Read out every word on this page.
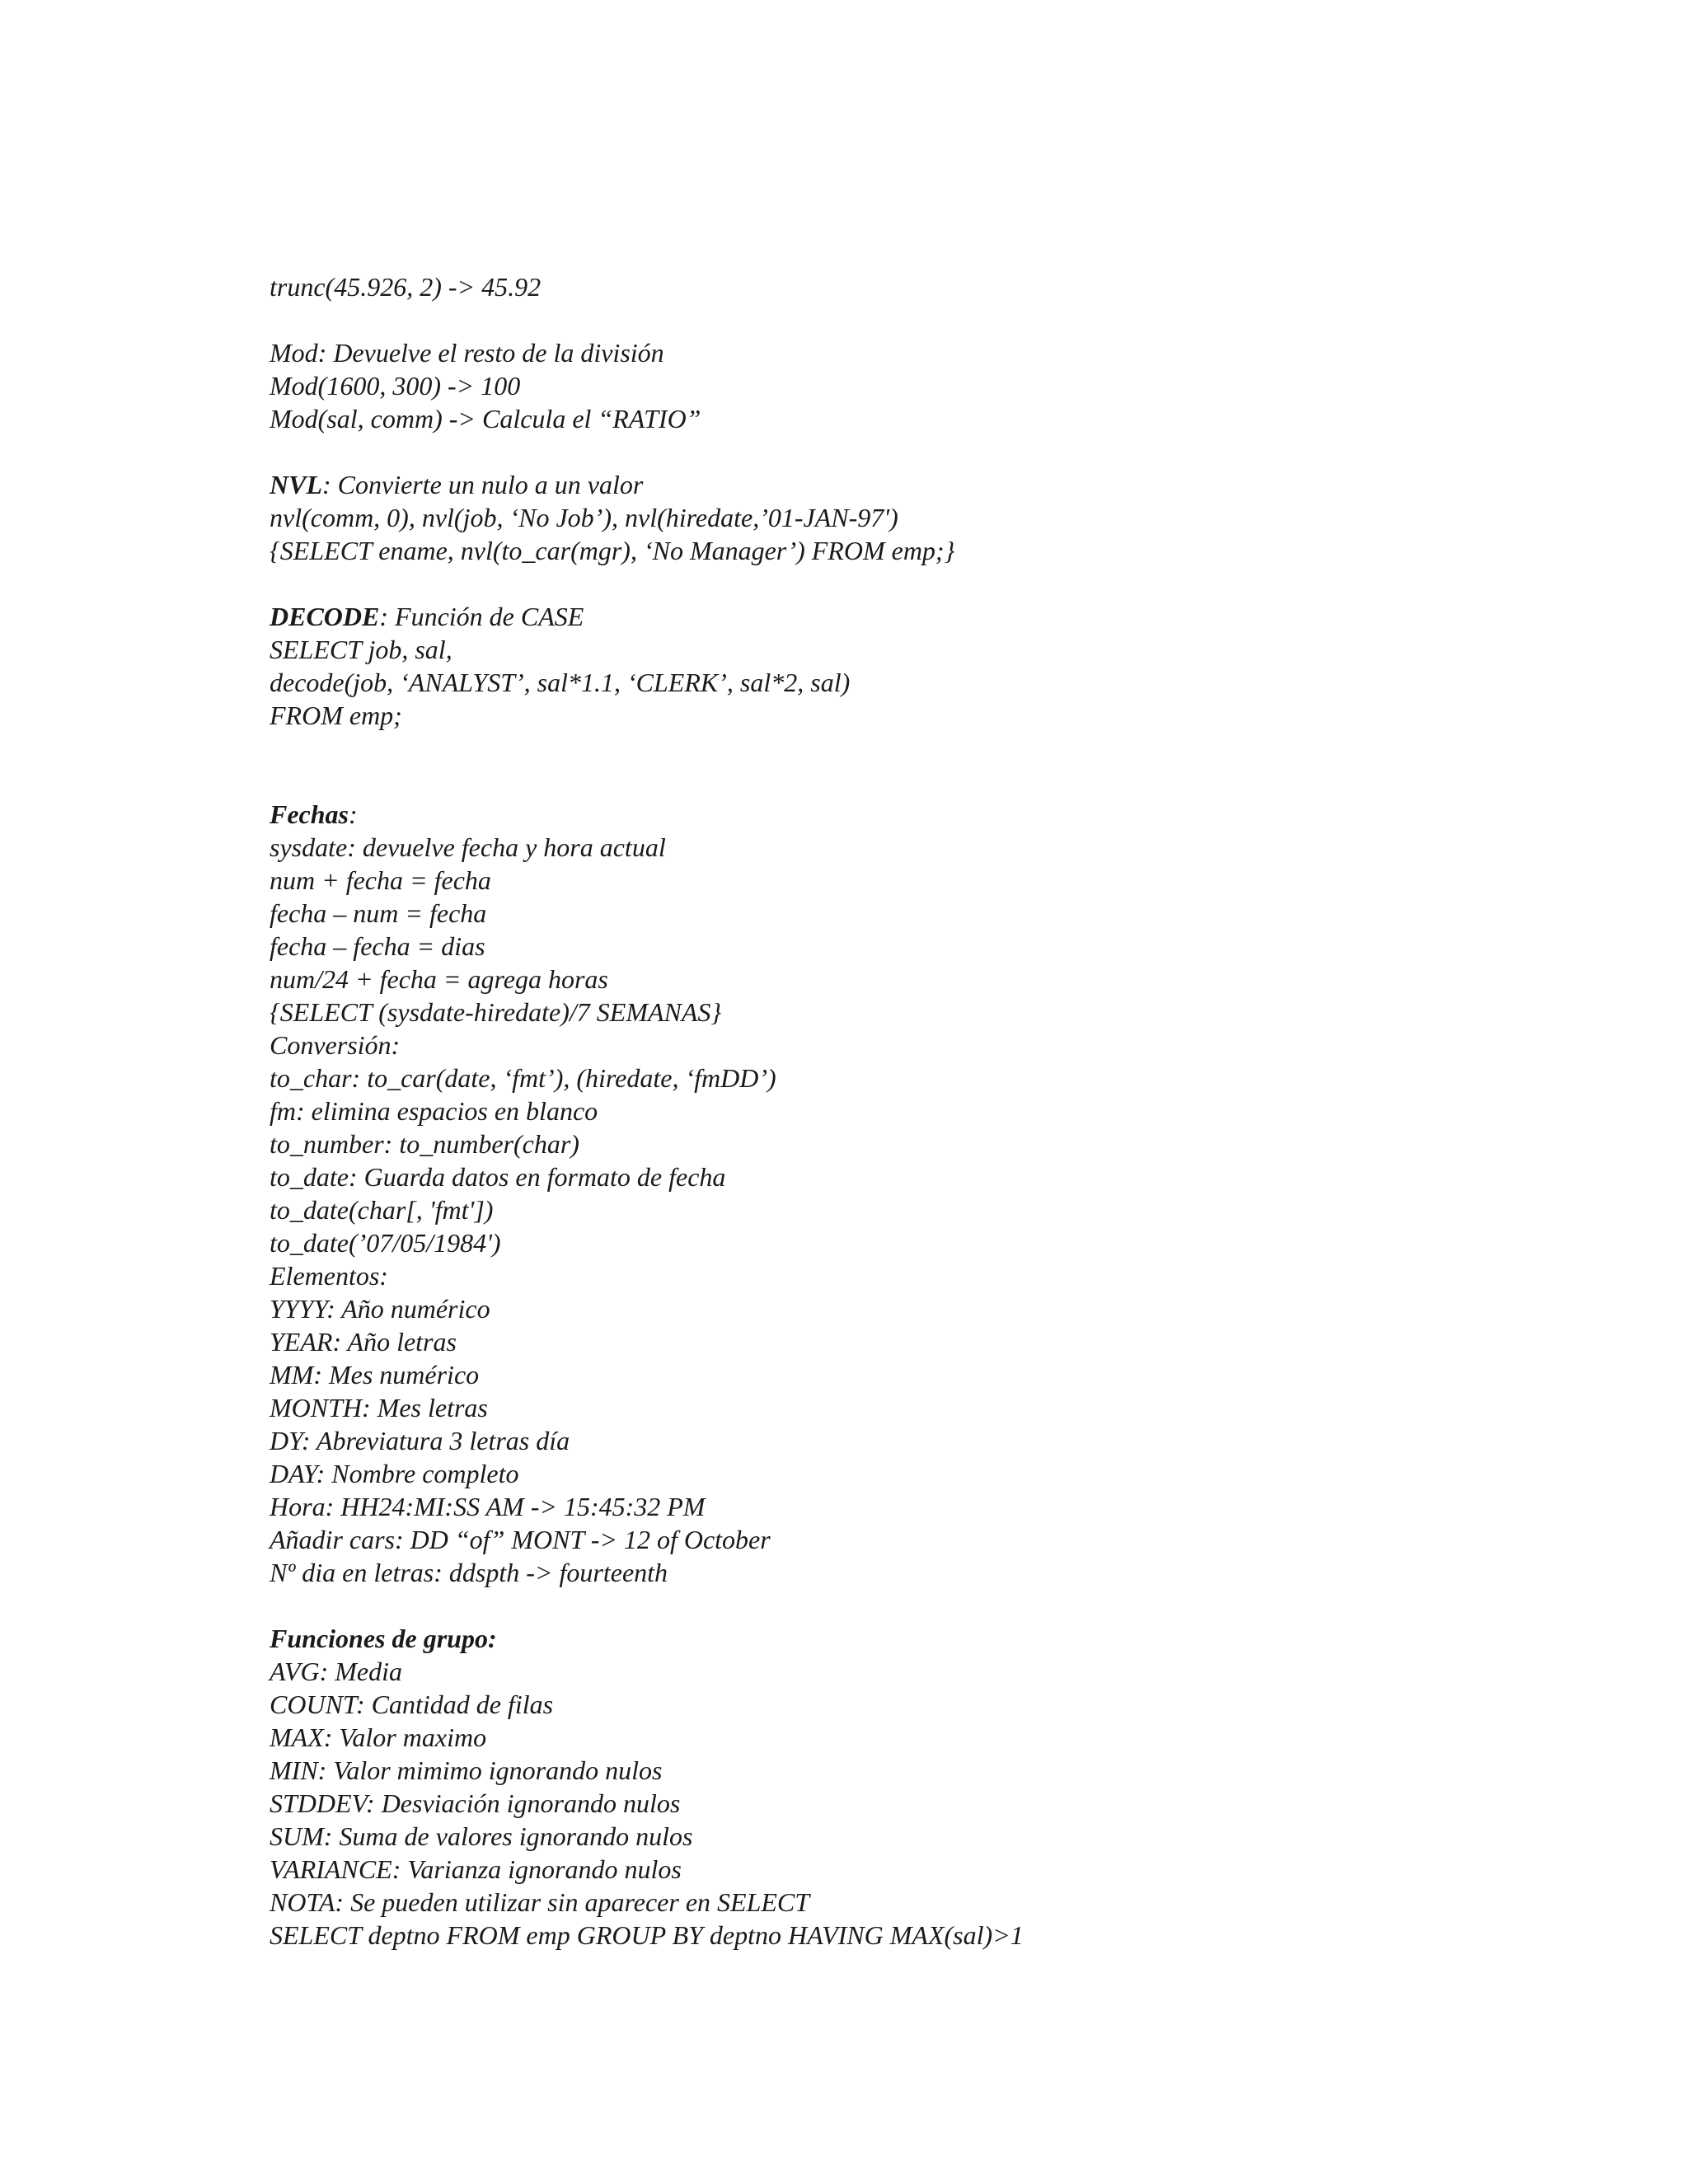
trunc(45.926, 2) -> 45.92
Mod: Devuelve el resto de la división
Mod(1600, 300) -> 100
Mod(sal, comm) -> Calcula el “RATIO”
NVL: Convierte un nulo a un valor
nvl(comm, 0), nvl(job, ‘No Job’), nvl(hiredate,’01-JAN-97')
{SELECT ename, nvl(to_car(mgr), ‘No Manager’) FROM emp;}
DECODE: Función de CASE
SELECT job, sal,
decode(job, ‘ANALYST’, sal*1.1, ‘CLERK’, sal*2, sal)
FROM emp;
Fechas:
sysdate: devuelve fecha y hora actual
num + fecha = fecha
fecha – num = fecha
fecha – fecha = dias
num/24 + fecha = agrega horas
{SELECT (sysdate-hiredate)/7 SEMANAS}
Conversión:
to_char: to_car(date, ‘fmt’), (hiredate, ‘fmDD’)
fm: elimina espacios en blanco
to_number: to_number(char)
to_date: Guarda datos en formato de fecha
to_date(char[, 'fmt'])
to_date(’07/05/1984')
Elementos:
YYYY: Año numérico
YEAR: Año letras
MM: Mes numérico
MONTH: Mes letras
DY: Abreviatura 3 letras día
DAY: Nombre completo
Hora: HH24:MI:SS AM -> 15:45:32 PM
Añadir cars: DD “of” MONT -> 12 of October
Nº dia en letras: ddspth -> fourteenth
Funciones de grupo:
AVG: Media
COUNT: Cantidad de filas
MAX: Valor maximo
MIN: Valor mimimo ignorando nulos
STDDEV: Desviación ignorando nulos
SUM: Suma de valores ignorando nulos
VARIANCE: Varianza ignorando nulos
NOTA: Se pueden utilizar sin aparecer en SELECT
SELECT deptno FROM emp GROUP BY deptno HAVING MAX(sal)>1
